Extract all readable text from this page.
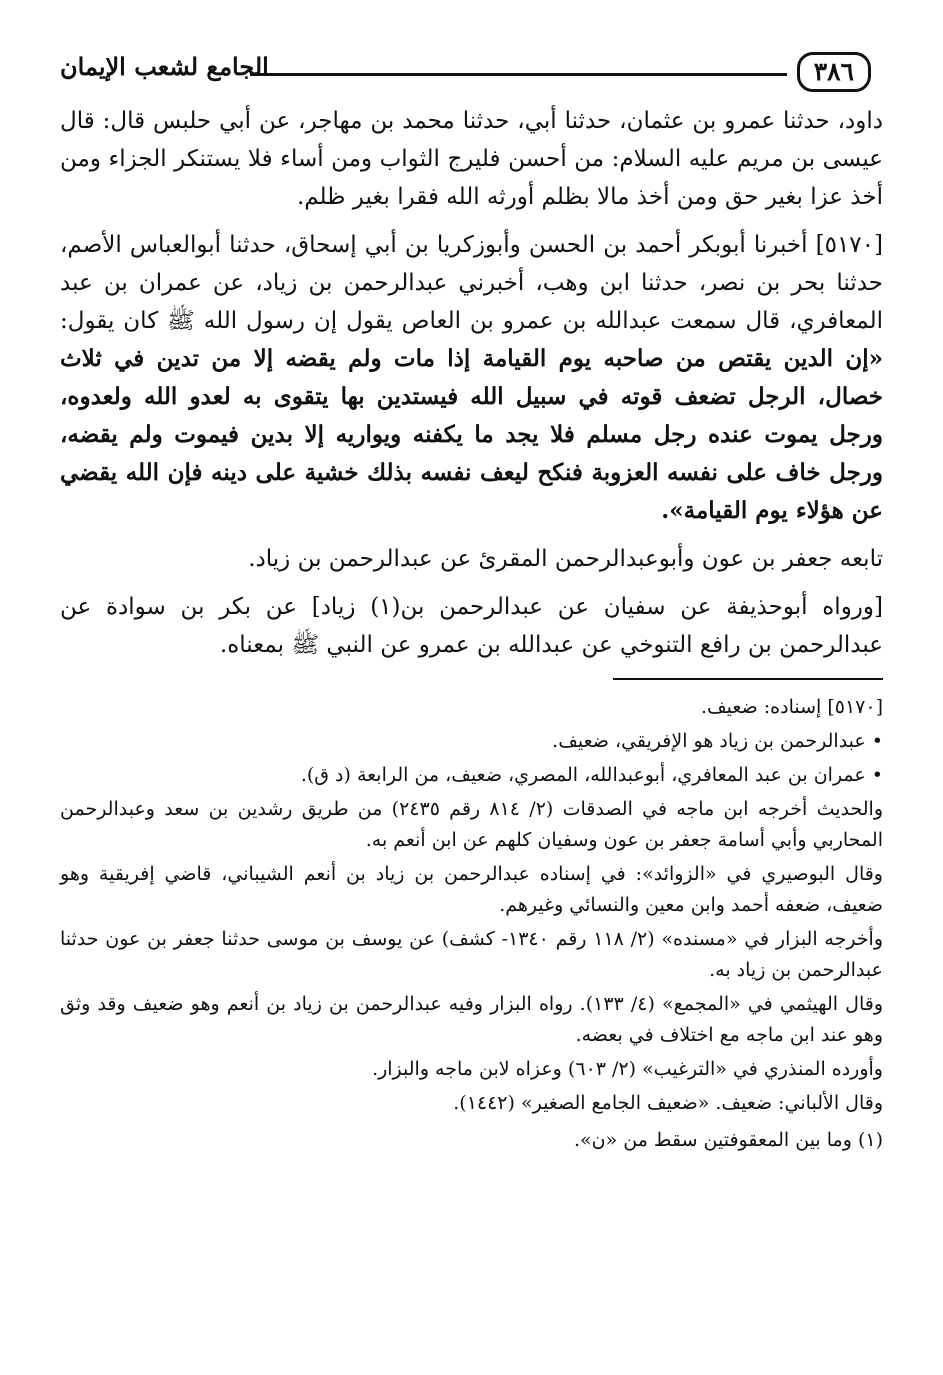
٣٨٦
الجامع لشعب الإيمان

داود، حدثنا عمرو بن عثمان، حدثنا أبي، حدثنا محمد بن مهاجر، عن أبي حلبس قال: قال عيسى بن مريم عليه السلام: من أحسن فليرج الثواب ومن أساء فلا يستنكر الجزاء ومن أخذ عزا بغير حق ومن أخذ مالا بظلم أورثه الله فقرا بغير ظلم.

[٥١٧٠] أخبرنا أبوبكر أحمد بن الحسن وأبوزكريا بن أبي إسحاق، حدثنا أبوالعباس الأصم، حدثنا بحر بن نصر، حدثنا ابن وهب، أخبرني عبدالرحمن بن زياد، عن عمران بن عبد المعافري، قال سمعت عبدالله بن عمرو بن العاص يقول إن رسول الله ﷺ كان يقول: «إن الدين يقتص من صاحبه يوم القيامة إذا مات ولم يقضه إلا من تدين في ثلاث خصال، الرجل تضعف قوته في سبيل الله فيستدين بها يتقوى به لعدو الله ولعدوه، ورجل يموت عنده رجل مسلم فلا يجد ما يكفنه ويواريه إلا بدين فيموت ولم يقضه، ورجل خاف على نفسه العزوبة فنكح ليعف نفسه بذلك خشية على دينه فإن الله يقضي عن هؤلاء يوم القيامة».

تابعه جعفر بن عون وأبوعبدالرحمن المقرئ عن عبدالرحمن بن زياد.

[ورواه أبوحذيفة عن سفيان عن عبدالرحمن بن(١) زياد] عن بكر بن سوادة عن عبدالرحمن بن رافع التنوخي عن عبدالله بن عمرو عن النبي ﷺ بمعناه.

[٥١٧٠] إسناده: ضعيف.

• عبدالرحمن بن زياد هو الإفريقي، ضعيف.

• عمران بن عبد المعافري، أبوعبدالله، المصري، ضعيف، من الرابعة (د ق).

والحديث أخرجه ابن ماجه في الصدقات (٢/ ٨١٤ رقم ٢٤٣٥) من طريق رشدين بن سعد وعبدالرحمن المحاربي وأبي أسامة جعفر بن عون وسفيان كلهم عن ابن أنعم به.

وقال البوصيري في «الزوائد»: في إسناده عبدالرحمن بن زياد بن أنعم الشيباني، قاضي إفريقية وهو ضعيف، ضعفه أحمد وابن معين والنسائي وغيرهم.

وأخرجه البزار في «مسنده» (٢/ ١١٨ رقم ١٣٤٠- كشف) عن يوسف بن موسى حدثنا جعفر بن عون حدثنا عبدالرحمن بن زياد به.

وقال الهيثمي في «المجمع» (٤/ ١٣٣). رواه البزار وفيه عبدالرحمن بن زياد بن أنعم وهو ضعيف وقد وثق وهو عند ابن ماجه مع اختلاف في بعضه.

وأورده المنذري في «الترغيب» (٢/ ٦٠٣) وعزاه لابن ماجه والبزار.

وقال الألباني: ضعيف. «ضعيف الجامع الصغير» (١٤٤٢).

(١) وما بين المعقوفتين سقط من «ن».
